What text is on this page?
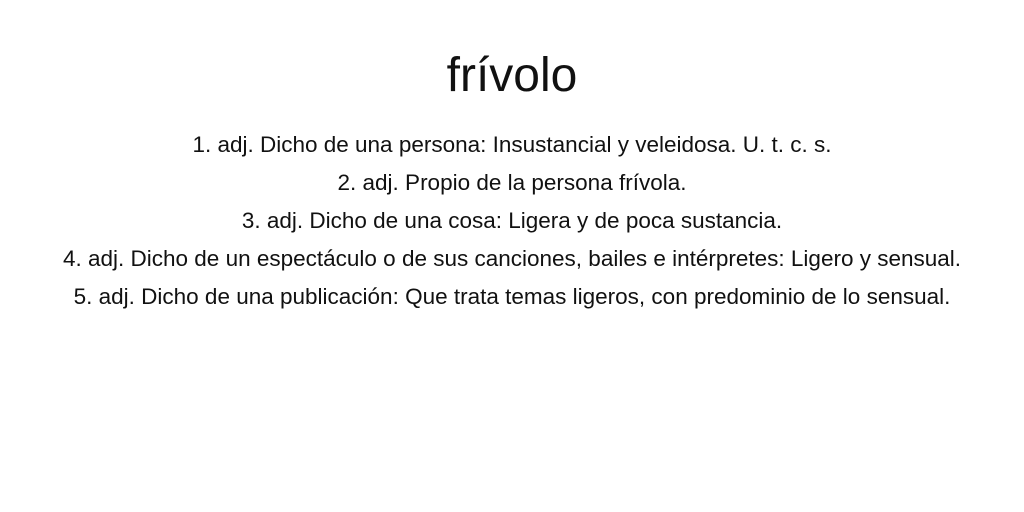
frívolo
1. adj. Dicho de una persona: Insustancial y veleidosa. U. t. c. s.
2. adj. Propio de la persona frívola.
3. adj. Dicho de una cosa: Ligera y de poca sustancia.
4. adj. Dicho de un espectáculo o de sus canciones, bailes e intérpretes: Ligero y sensual.
5. adj. Dicho de una publicación: Que trata temas ligeros, con predominio de lo sensual.
